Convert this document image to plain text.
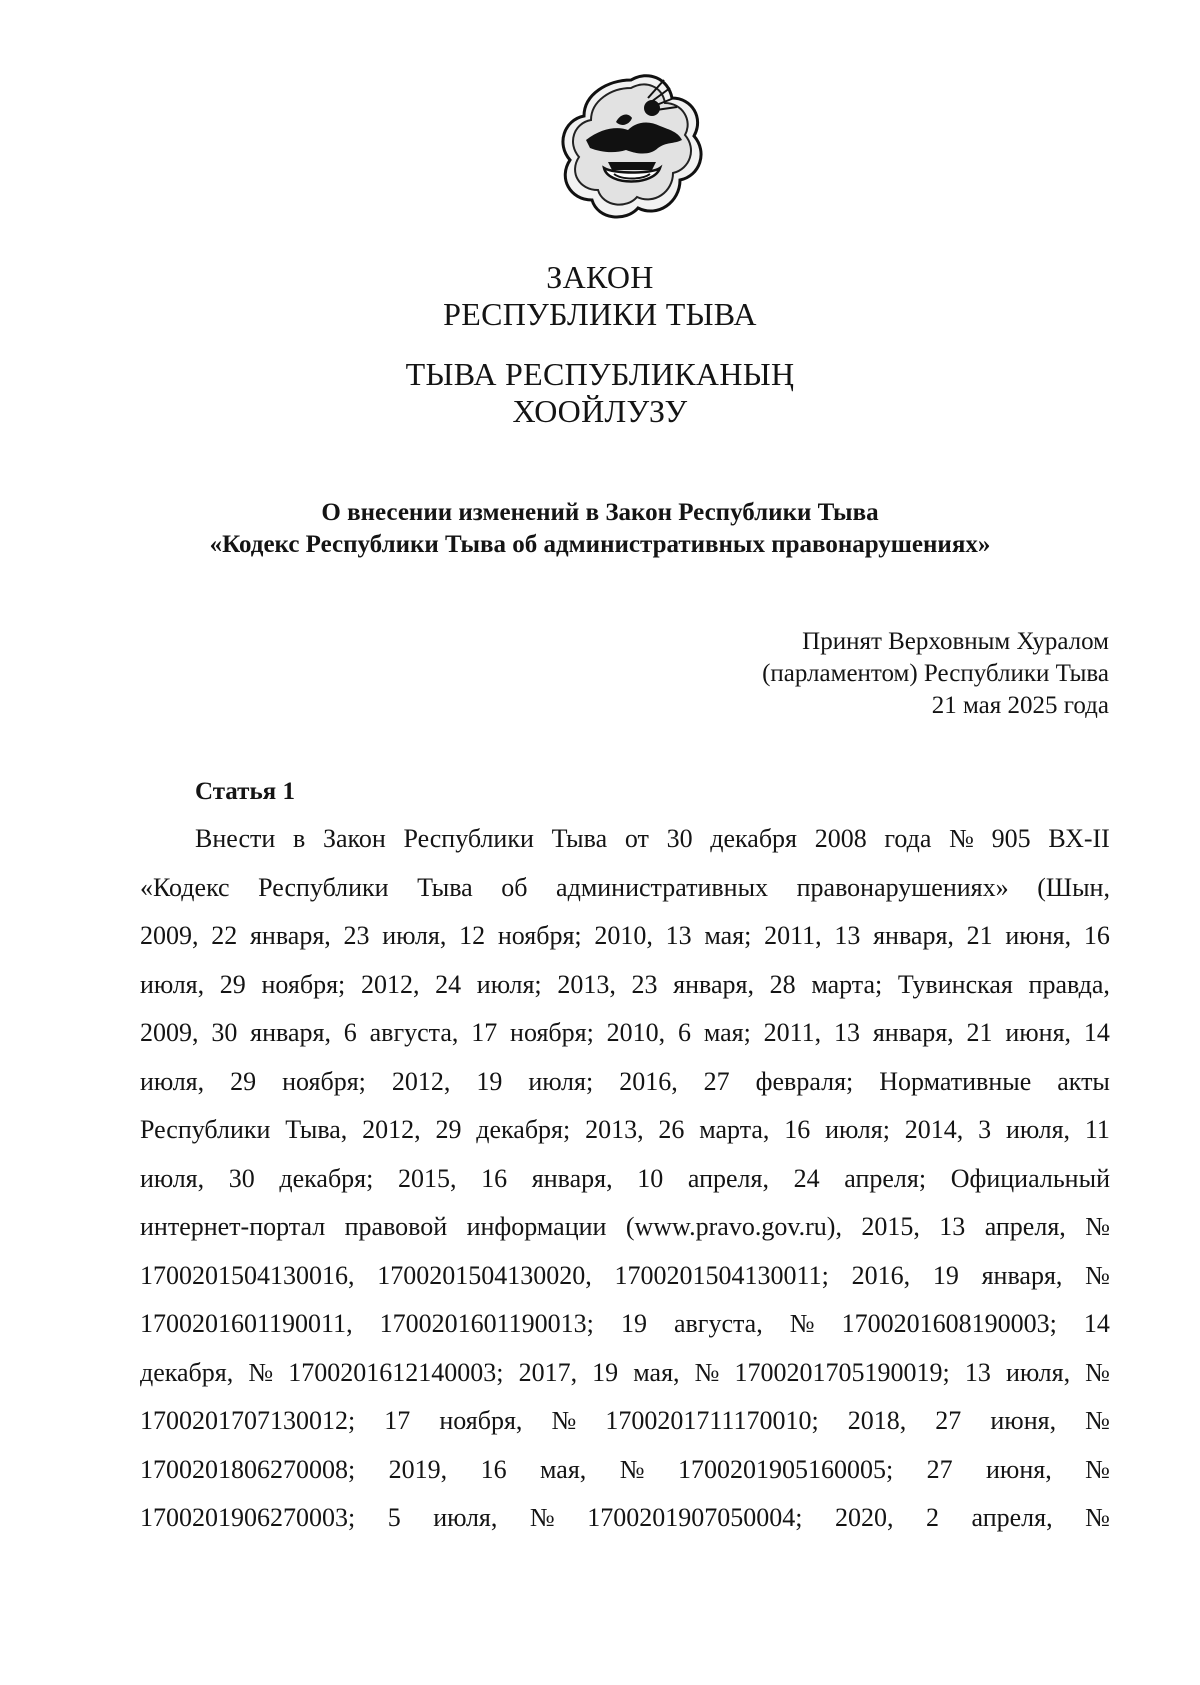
ЗАКОН
РЕСПУБЛИКИ ТЫВА
ТЫВА РЕСПУБЛИКАНЫҢ
ХООЙЛУЗУ
О внесении изменений в Закон Республики Тыва
«Кодекс Республики Тыва об административных правонарушениях»
Принят Верховным Хуралом
(парламентом) Республики Тыва
21 мая 2025 года
Статья 1
Внести в Закон Республики Тыва от 30 декабря 2008 года № 905 ВХ-II
«Кодекс Республики Тыва об административных правонарушениях» (Шын,
2009, 22 января, 23 июля, 12 ноября; 2010, 13 мая; 2011, 13 января, 21 июня, 16
июля, 29 ноября; 2012, 24 июля; 2013, 23 января, 28 марта; Тувинская правда,
2009, 30 января, 6 августа, 17 ноября; 2010, 6 мая; 2011, 13 января, 21 июня, 14
июля, 29 ноября; 2012, 19 июля; 2016, 27 февраля; Нормативные акты
Республики Тыва, 2012, 29 декабря; 2013, 26 марта, 16 июля; 2014, 3 июля, 11
июля, 30 декабря; 2015, 16 января, 10 апреля, 24 апреля; Официальный
интернет-портал правовой информации (www.pravo.gov.ru), 2015, 13 апреля, №
1700201504130016, 1700201504130020, 1700201504130011; 2016, 19 января, №
1700201601190011, 1700201601190013; 19 августа, № 1700201608190003; 14
декабря, № 1700201612140003; 2017, 19 мая, № 1700201705190019; 13 июля, №
1700201707130012; 17 ноября, № 1700201711170010; 2018, 27 июня, №
1700201806270008; 2019, 16 мая, № 1700201905160005; 27 июня, №
1700201906270003; 5 июля, № 1700201907050004; 2020, 2 апреля, №
